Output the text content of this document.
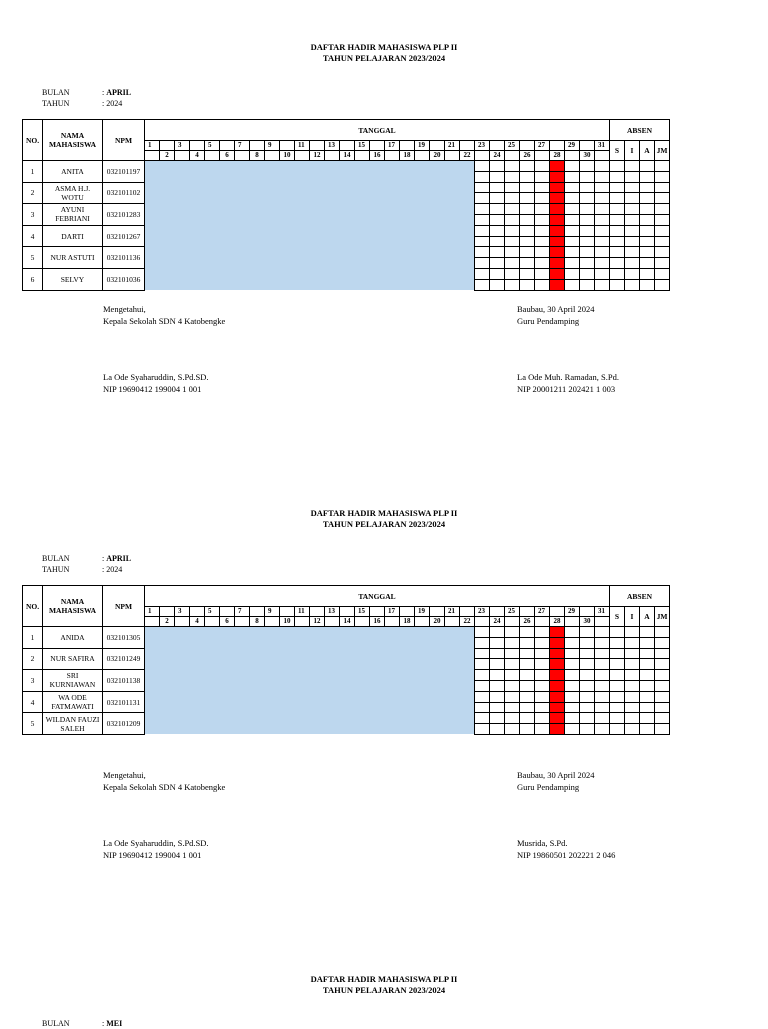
DAFTAR HADIR MAHASISWA PLP II
TAHUN PELAJARAN 2023/2024
BULAN	: APRIL
TAHUN	: 2024
NO.	NAMA MAHASISWA	NPM	TANGGAL																															ABSEN			
			1		3		5		7		9		11		13		15		17		19		21		23		25		27		29		31	S	I	A	JM
				2		4		6		8		10		12		14		16		18		20		22		24		26		28		30					
1	ANITA	032101197																																			

2	ASMA H.J. WOTU	032101102																																			

3	AYUNI FEBRIANI	032101283																																			

4	DARTI	032101267																																			

5	NUR ASTUTI	032101136																																			

6	SELVY	032101036																																			

Mengetahui,
Kepala Sekolah SDN 4 Katobengke
Baubau, 30 April 2024
Guru Pendamping
La Ode Syaharuddin, S.Pd.SD.
NIP 19690412 199004 1 001
La Ode Muh. Ramadan, S.Pd.
NIP 20001211 202421 1 003
DAFTAR HADIR MAHASISWA PLP II
TAHUN PELAJARAN 2023/2024
BULAN	: APRIL
TAHUN	: 2024
NO.	NAMA MAHASISWA	NPM	TANGGAL																															ABSEN			
			1		3		5		7		9		11		13		15		17		19		21		23		25		27		29		31	S	I	A	JM
				2		4		6		8		10		12		14		16		18		20		22		24		26		28		30					
1	ANIDA	032101305																																			

2	NUR SAFIRA	032101249																																			

3	SRI KURNIAWAN	032101138																																			

4	WA ODE FATMAWATI	032101131																																			

5	WILDAN FAUZI SALEH	032101209																																			

Mengetahui,
Kepala Sekolah SDN 4 Katobengke
Baubau, 30 April 2024
Guru Pendamping
La Ode Syaharuddin, S.Pd.SD.
NIP 19690412 199004 1 001
Musrida, S.Pd.
NIP 19860501 202221 2 046
DAFTAR HADIR MAHASISWA PLP II
TAHUN PELAJARAN 2023/2024
BULAN	: MEI
